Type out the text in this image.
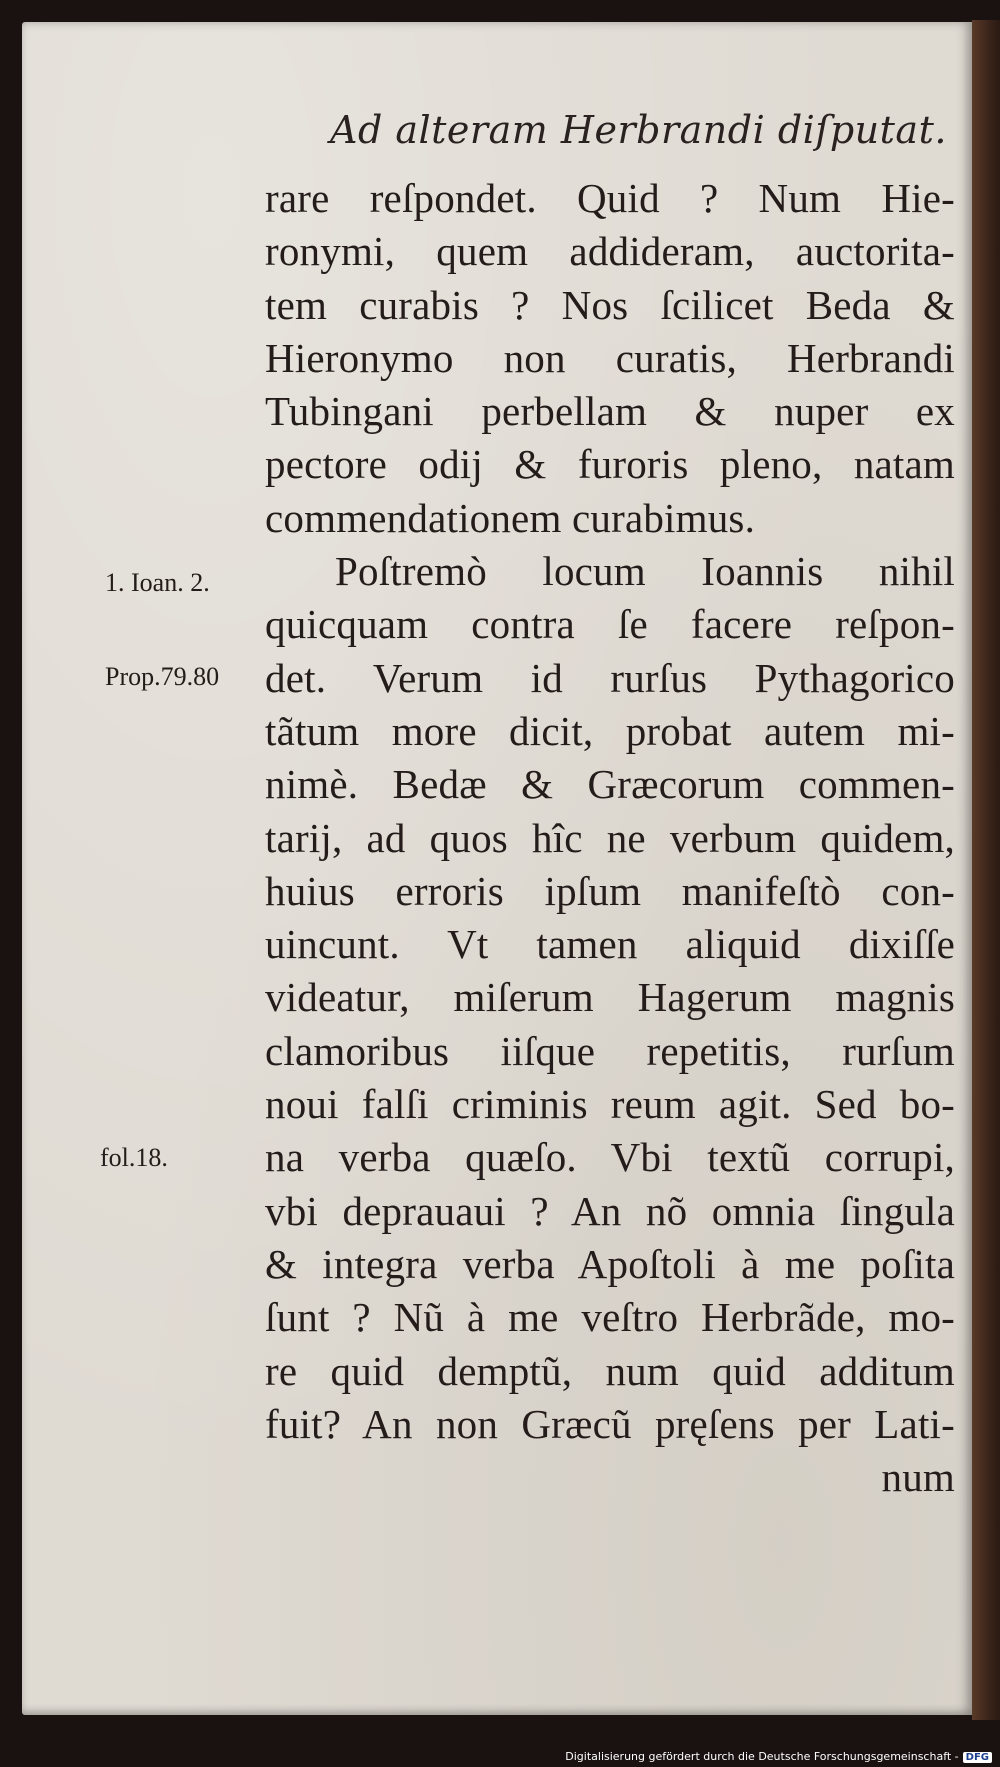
Ad alteram Herbrandi diſputat.
1. Ioan. 2.
Prop.79.80
fol.18.
rare reſpondet. Quid ? Num Hie-
ronymi, quem addideram, auctorita-
tem curabis ? Nos ſcilicet Beda &
Hieronymo non curatis, Herbrandi
Tubingani perbellam & nuper ex
pectore odij & furoris pleno, natam
commendationem curabimus.
Poſtremò locum Ioannis nihil
quicquam contra ſe facere reſpon-
det. Verum id rurſus Pythagorico
tãtum more dicit, probat autem mi-
nimè. Bedæ & Græcorum commen-
tarij, ad quos hîc ne verbum quidem,
huius erroris ipſum manifeſtò con-
uincunt. Vt tamen aliquid dixiſſe
videatur, miſerum Hagerum magnis
clamoribus iiſque repetitis, rurſum
noui falſi criminis reum agit. Sed bo-
na verba quæſo. Vbi textũ corrupi,
vbi deprauaui ? An nõ omnia ſingula
& integra verba Apoſtoli à me poſita
ſunt ? Nũ à me veſtro Herbrãde, mo-
re quid demptũ, num quid additum
fuit? An non Græcũ pręſens per Lati-
num
Digitalisierung gefördert durch die Deutsche Forschungsgemeinschaft - DFG
